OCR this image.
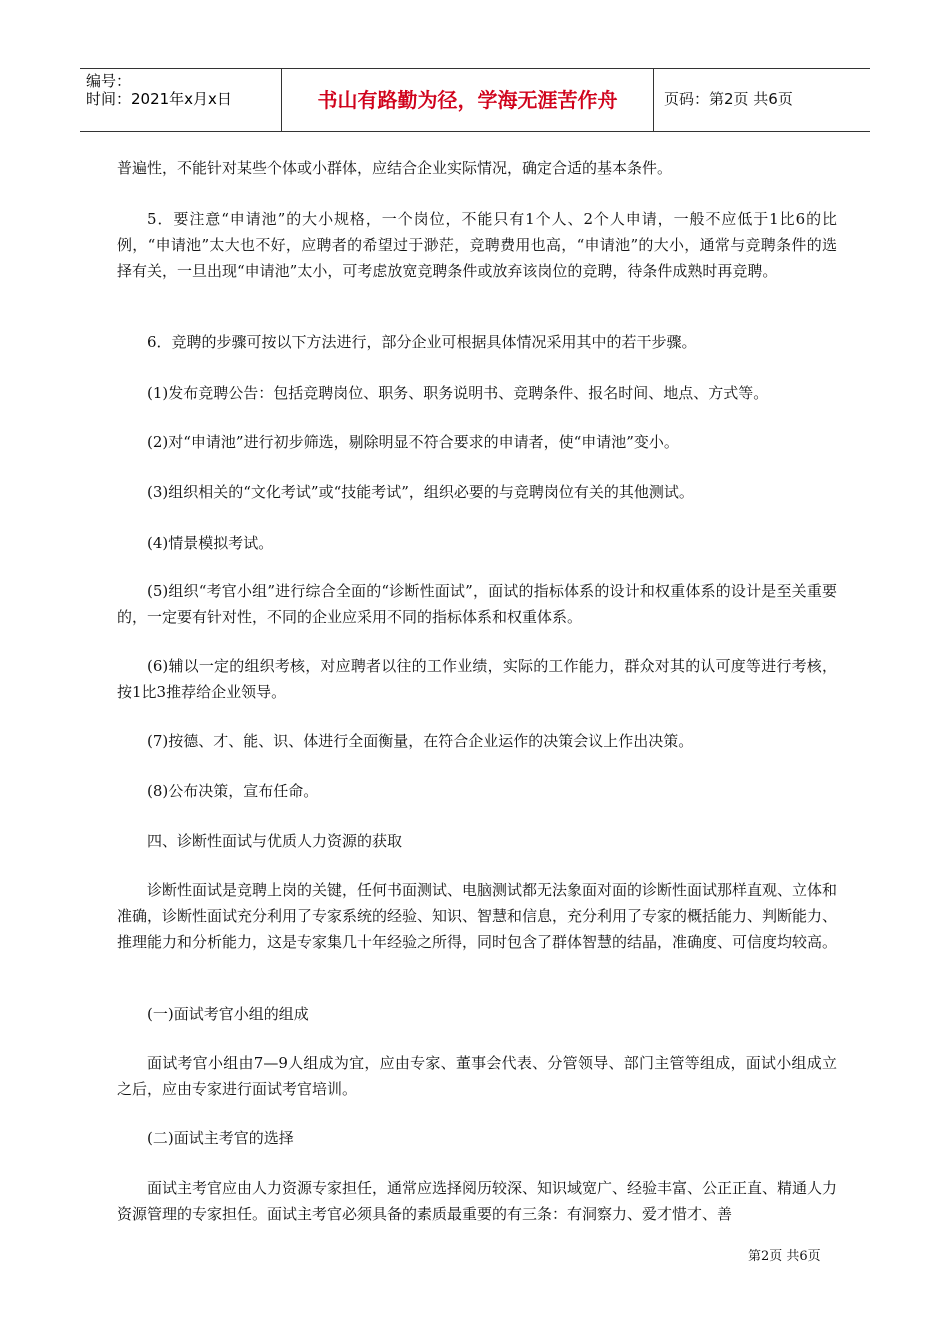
编号：
时间：2021年x月x日	书山有路勤为径，学海无涯苦作舟	页码：第2页 共6页

普遍性，不能针对某些个体或小群体，应结合企业实际情况，确定合适的基本条件。

5．要注意“申请池”的大小规格，一个岗位，不能只有1个人、2个人申请，一般不应低于1比6的比例，“申请池”太大也不好，应聘者的希望过于渺茫，竞聘费用也高，“申请池”的大小，通常与竞聘条件的选择有关，一旦出现“申请池”太小，可考虑放宽竞聘条件或放弃该岗位的竞聘，待条件成熟时再竞聘。

6．竞聘的步骤可按以下方法进行，部分企业可根据具体情况采用其中的若干步骤。

(1)发布竞聘公告：包括竞聘岗位、职务、职务说明书、竞聘条件、报名时间、地点、方式等。

(2)对“申请池”进行初步筛选，剔除明显不符合要求的申请者，使“申请池”变小。

(3)组织相关的“文化考试”或“技能考试”，组织必要的与竞聘岗位有关的其他测试。

(4)情景模拟考试。

(5)组织“考官小组”进行综合全面的“诊断性面试”，面试的指标体系的设计和权重体系的设计是至关重要的，一定要有针对性，不同的企业应采用不同的指标体系和权重体系。

(6)辅以一定的组织考核，对应聘者以往的工作业绩，实际的工作能力，群众对其的认可度等进行考核，按1比3推荐给企业领导。

(7)按德、才、能、识、体进行全面衡量，在符合企业运作的决策会议上作出决策。

(8)公布决策，宣布任命。

四、诊断性面试与优质人力资源的获取

诊断性面试是竞聘上岗的关键，任何书面测试、电脑测试都无法象面对面的诊断性面试那样直观、立体和准确，诊断性面试充分利用了专家系统的经验、知识、智慧和信息，充分利用了专家的概括能力、判断能力、推理能力和分析能力，这是专家集几十年经验之所得，同时包含了群体智慧的结晶，准确度、可信度均较高。

(一)面试考官小组的组成

面试考官小组由7—9人组成为宜，应由专家、董事会代表、分管领导、部门主管等组成，面试小组成立之后，应由专家进行面试考官培训。

(二)面试主考官的选择

面试主考官应由人力资源专家担任，通常应选择阅历较深、知识域宽广、经验丰富、公正正直、精通人力资源管理的专家担任。面试主考官必须具备的素质最重要的有三条：有洞察力、爱才惜才、善

第2页 共6页
